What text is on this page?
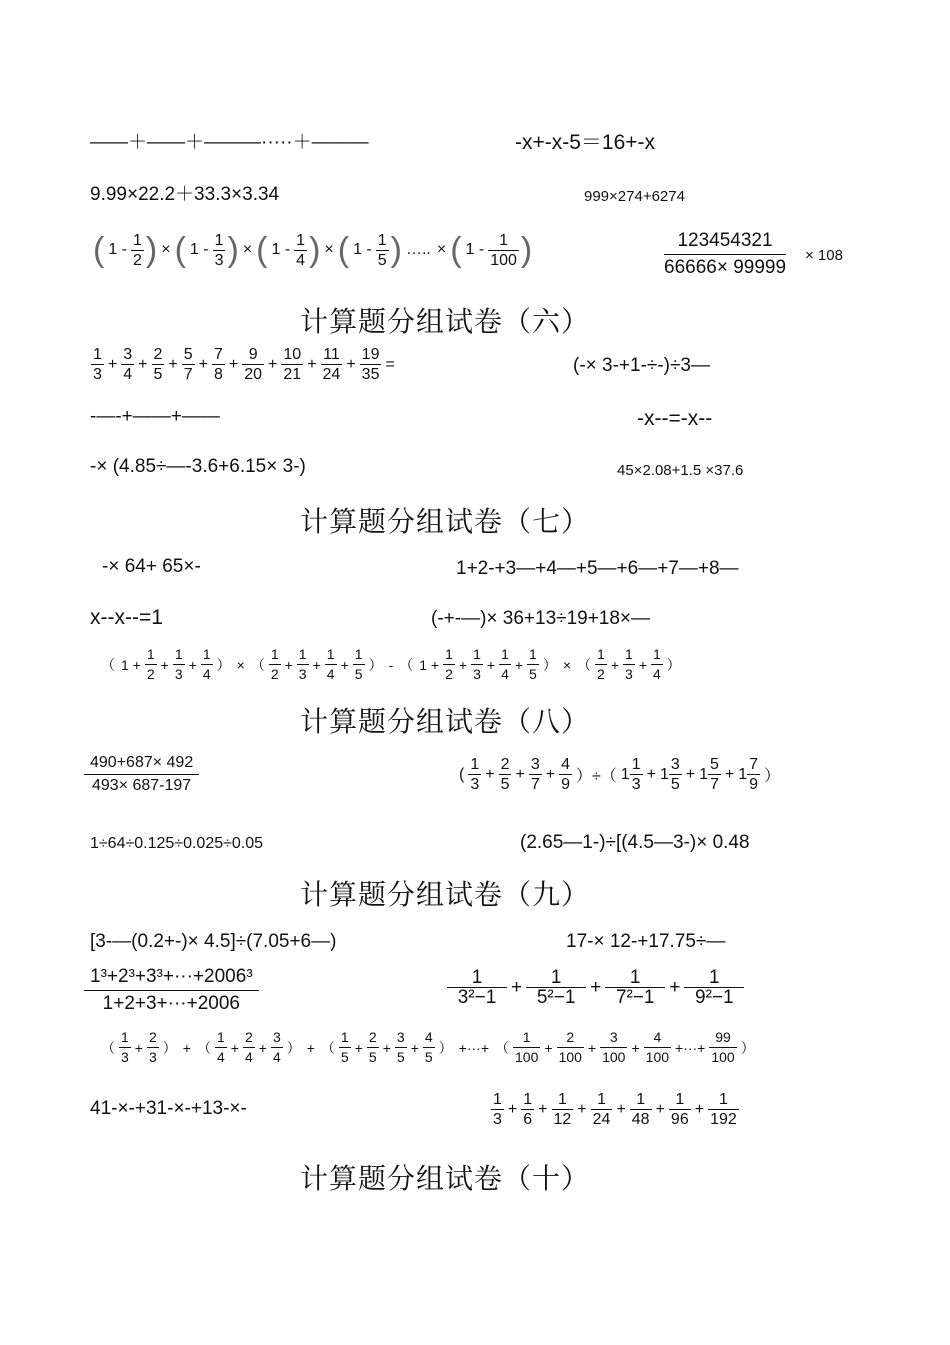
——＋——＋———·····＋———	-x+-x-5＝16+-x
9.99×22.2＋33.3×3.34	999×274+6274
( $1 - \frac{1}{2}$ ) × ( $1 - \frac{1}{3}$ ) × ( $1 - \frac{1}{4}$ ) × ( $1 - \frac{1}{5}$ ) ….. × ( $1 - \frac{1}{100}$ )	$\frac{123454321}{66666\times 99999} \times 108$
计算题分组试卷（六）
$\frac{1}{3} + \frac{3}{4} + \frac{2}{5} + \frac{5}{7} + \frac{7}{8} + \frac{9}{20} + \frac{10}{21} + \frac{11}{24} + \frac{19}{35}$ =	(-× 3-+1-÷-)÷3—
-—-+——+——	-x--=-x--
-× (4.85÷—-3.6+6.15× 3-)	45×2.08+1.5 ×37.6
计算题分组试卷（七）
-× 64+ 65×-	1+2-+3—+4—+5—+6—+7—+8—
x--x--=1	(-+-—)× 36+13÷19+18×—
（ $1 + \frac{1}{2} + \frac{1}{3} + \frac{1}{4}$ ） × （ $\frac{1}{2} + \frac{1}{3} + \frac{1}{4} + \frac{1}{5}$ ） - （ $1 + \frac{1}{2} + \frac{1}{3} + \frac{1}{4} + \frac{1}{5}$ ） × （ $\frac{1}{2} + \frac{1}{3} + \frac{1}{4}$ ）
计算题分组试卷（八）
$\frac{490+687\times 492}{493\times 687-197}$	( $\frac{1}{3} + \frac{2}{5} + \frac{3}{7} + \frac{4}{9}$ ）÷（ $1 \frac{1}{3} + 1 \frac{3}{5} + 1 \frac{5}{7} + 1 \frac{7}{9}$ ）
1÷64÷0.125÷0.025÷0.05	(2.65—1-)÷[(4.5—3-)× 0.48
计算题分组试卷（九）
[3-—(0.2+-)× 4.5]÷(7.05+6—)	17-× 12-+17.75÷—
$\frac{\text{1³+2³+3³+···+2006³}}{1+2+3+\cdot\cdot\cdot+2006}$	$\frac{1}{\text{3²−1}} + \frac{1}{\text{5²−1}} + \frac{1}{\text{7²−1}} + \frac{1}{\text{9²−1}}$
（ $\frac{1}{3} + \frac{2}{3}$ ） + （ $\frac{1}{4} + \frac{2}{4} + \frac{3}{4}$ ） + （ $\frac{1}{5} + \frac{2}{5} + \frac{3}{5} + \frac{4}{5}$ ） +···+ （ $\frac{1}{100} + \frac{2}{100} + \frac{3}{100} + \frac{4}{100}$ +···+ $\frac{99}{100}$ ）
41-×-+31-×-+13-×-	$\frac{1}{3} + \frac{1}{6} + \frac{1}{12} + \frac{1}{24} + \frac{1}{48} + \frac{1}{96} + \frac{1}{192}$
计算题分组试卷（十）
